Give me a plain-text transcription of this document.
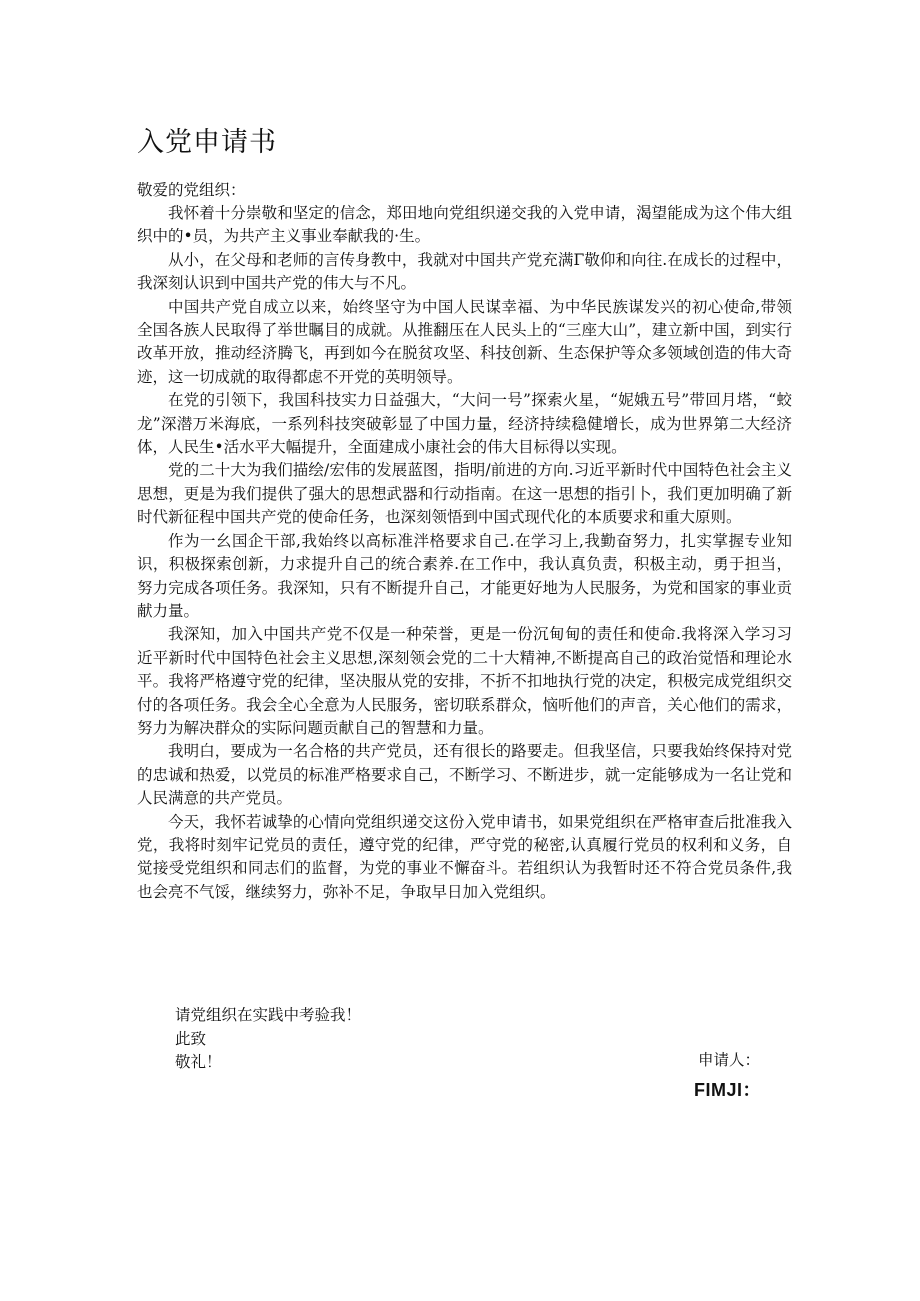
入党申请书
敬爱的党组织：

我怀着十分崇敬和坚定的信念，郑田地向党组织递交我的入党申请，渴望能成为这个伟大组织中的•员，为共产主义事业奉献我的·生。

从小，在父母和老师的言传身教中，我就对中国共产党充满Γ敬仰和向往.在成长的过程中，我深刻认识到中国共产党的伟大与不凡。

中国共产党自成立以来，始终坚守为中国人民谋幸福、为中华民族谋发兴的初心使命,带领全国各族人民取得了举世瞩目的成就。从推翻压在人民头上的“三座大山”，建立新中国，到实行改革开放，推动经济腾飞，再到如今在脱贫攻坚、科技创新、生态保护等众多领域创造的伟大奇迹，这一切成就的取得都虑不开党的英明领导。

在党的引领下，我国科技实力日益强大，“大问一号”探索火星，“妮娥五号”带回月塔，“蛟龙”深潜万米海底，一系列科技突破彰显了中国力量，经济持续稳健增长，成为世界第二大经济体，人民生•活水平大幅提升，全面建成小康社会的伟大目标得以实现。

党的二十大为我们描绘/宏伟的发展蓝图，指明/前进的方向.习近平新时代中国特色社会主义思想，更是为我们提供了强大的思想武器和行动指南。在这一思想的指引卜，我们更加明确了新时代新征程中国共产党的使命任务，也深刻领悟到中国式现代化的本质要求和重大原则。

作为一幺国企干部,我始终以高标准泮格要求自己.在学习上,我勤奋努力，扎实掌握专业知识，积极探索创新，力求提升自己的统合素养.在工作中，我认真负责，积极主动，勇于担当，努力完成各项任务。我深知，只有不断提升自己，才能更好地为人民服务，为党和国家的事业贡献力量。

我深知，加入中国共产党不仅是一种荣誉，更是一份沉甸甸的责任和使命.我将深入学习习近平新时代中国特色社会主义思想,深刻领会党的二十大精神,不断提高自己的政治觉悟和理论水平。我将严格遵守党的纪律，坚决服从党的安排，不折不扣地执行党的决定，积极完成党组织交付的各项任务。我会全心全意为人民服务，密切联系群众，恼听他们的声音，关心他们的需求，努力为解决群众的实际问题贡献自己的智慧和力量。

我明白，要成为一名合格的共产党员，还有很长的路要走。但我坚信，只要我始终保持对党的忠诚和热爱，以党员的标准严格要求自己，不断学习、不断进步，就一定能够成为一名让党和人民满意的共产党员。

今天，我怀若诚挚的心情向党组织递交这份入党申请书，如果党组织在严格审查后批准我入党，我将时刻牢记党员的责任，遵守党的纪律，严守党的秘密,认真履行党员的权利和义务，自觉接受党组织和同志们的监督，为党的事业不懈奋斗。若组织认为我暂时还不符合党员条件,我也会亮不气馁，继续努力，弥补不足，争取早日加入党组织。

请党组织在实践中考验我！
此致
敬礼！	申请人：
FIMJI：
